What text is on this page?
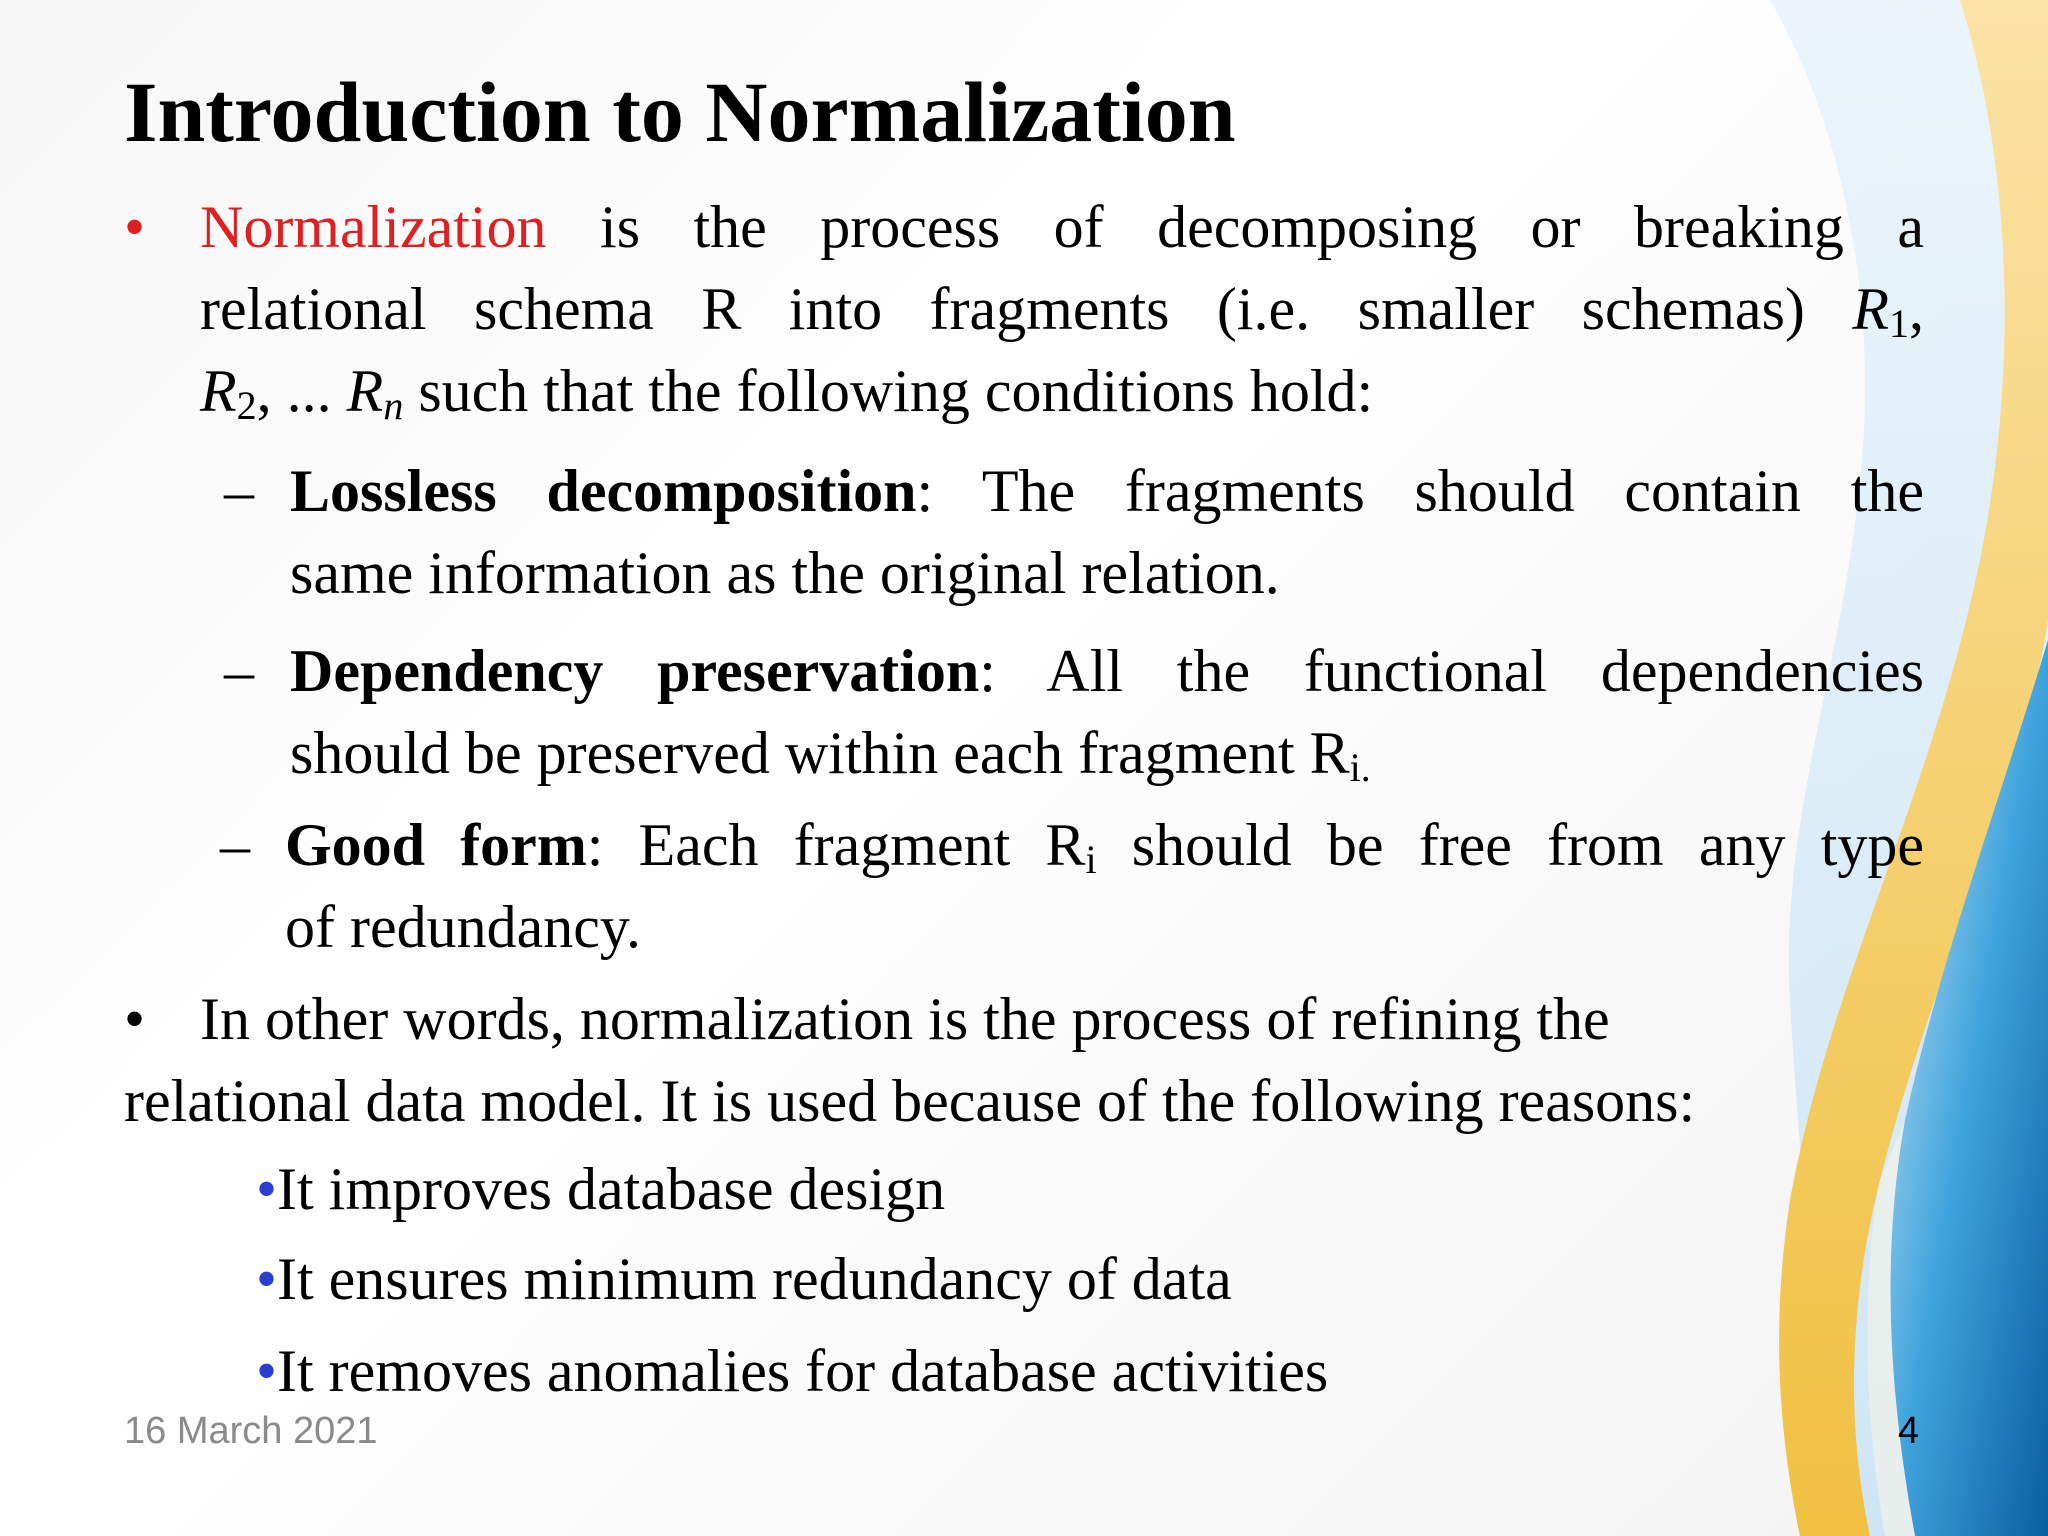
Introduction to Normalization
• Normalization is the process of decomposing or breaking a
relational schema R into fragments (i.e. smaller schemas) $R_1$,
$R_2$, ... $R_n$ such that the following conditions hold:
– Lossless decomposition: The fragments should contain the
same information as the original relation.
– Dependency preservation: All the functional dependencies
should be preserved within each fragment $R_{i.}$
– Good form: Each fragment $R_i$ should be free from any type
of redundancy.
• In other words, normalization is the process of refining the
relational data model. It is used because of the following reasons:
•It improves database design
•It ensures minimum redundancy of data
•It removes anomalies for database activities
16 March 2021	4
